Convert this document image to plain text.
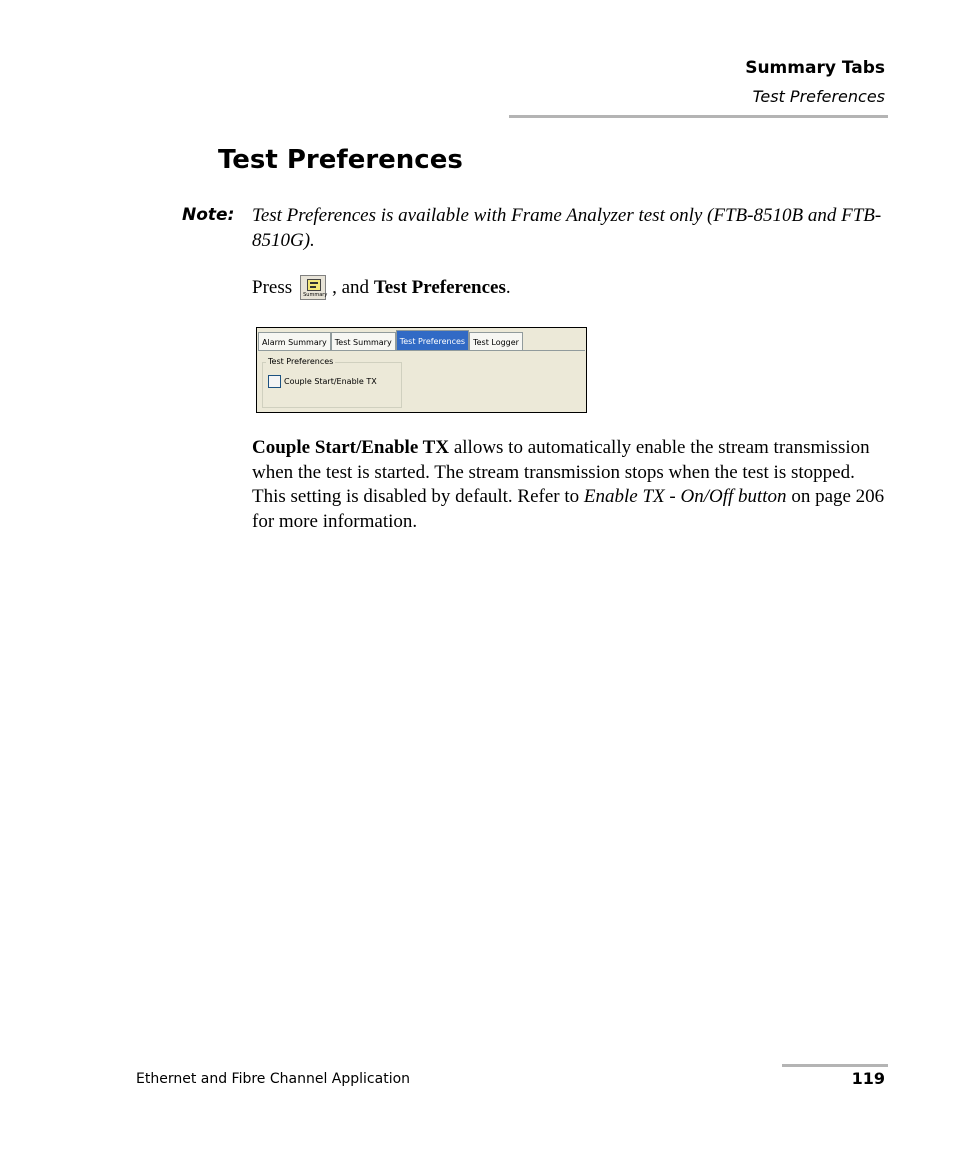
Summary Tabs
Test Preferences
Test Preferences
Note: Test Preferences is available with Frame Analyzer test only (FTB-8510B and FTB-8510G).

Press Summary , and
Test Preferences .
Alarm Summary	Test Summary	Test Preferences	Test Logger
Test Preferences
Couple Start/Enable TX

Couple Start/Enable TX allows to automatically enable the stream transmission when the test is started. The stream transmission stops when the test is stopped. This setting is disabled by default. Refer to Enable TX - On/Off button on page 206 for more information.

Ethernet and Fibre Channel Application	119
